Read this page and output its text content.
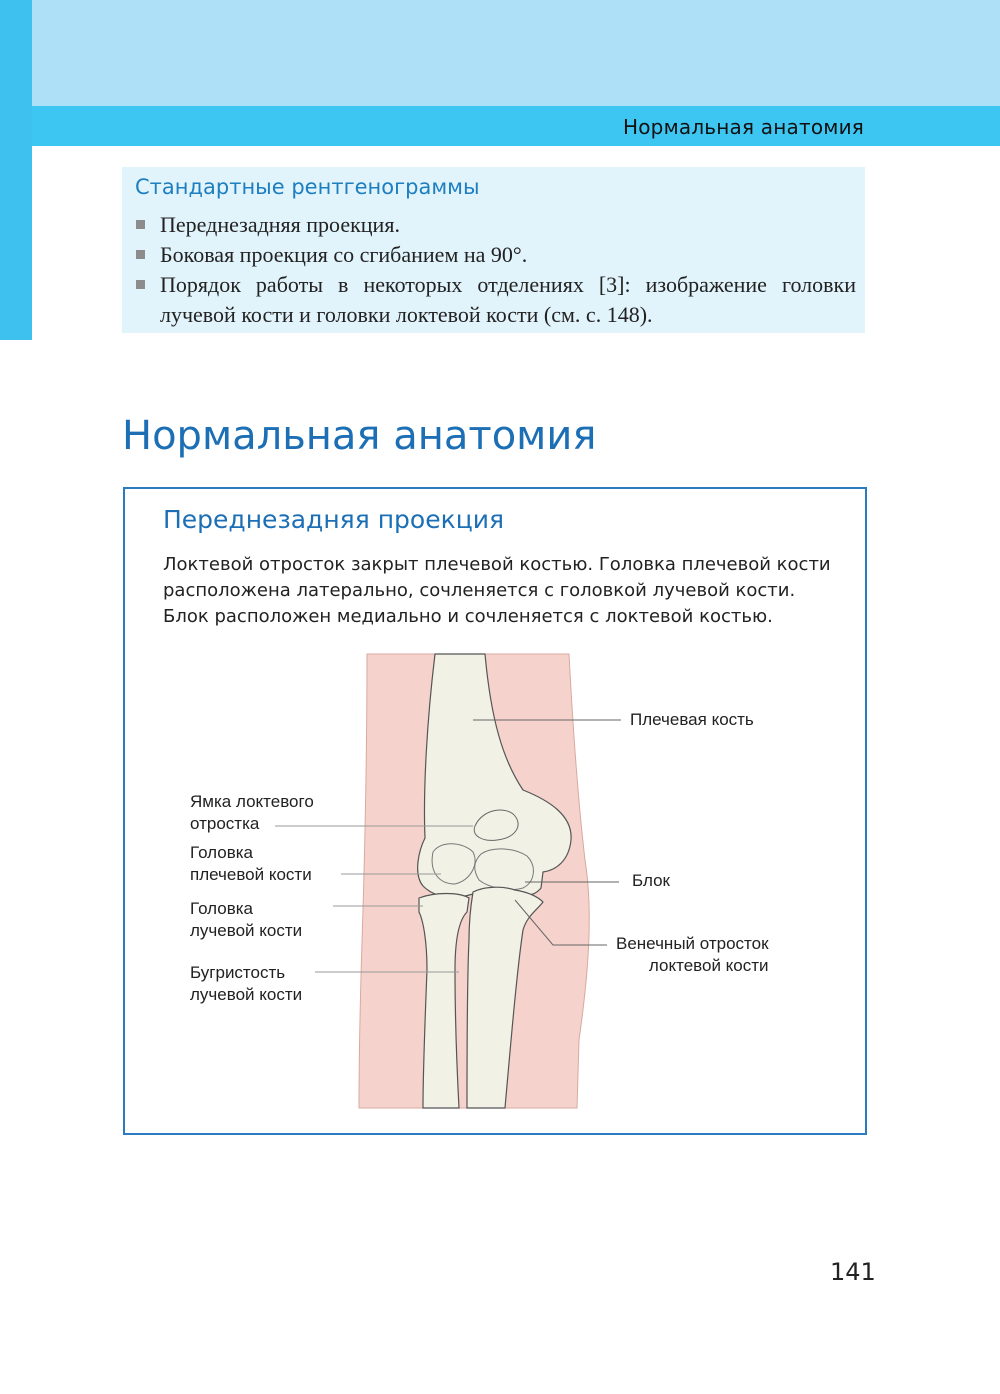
Нормальная анатомия
Стандартные рентгенограммы
Переднезадняя проекция.
Боковая проекция со сгибанием на 90°.
Порядок работы в некоторых отделениях [3]: изображение головки лучевой кости и головки локтевой кости (см. с. 148).
Нормальная анатомия
Переднезадняя проекция
Локтевой отросток закрыт плечевой костью. Головка плечевой кости
расположена латерально, сочленяется с головкой лучевой кости.
Блок расположен медиально и сочленяется с локтевой костью.
Плечевая кость
Ямка локтевого
отростка
Головка
плечевой кости
Головка
лучевой кости
Бугристость
лучевой кости
Блок
Венечный отросток
локтевой кости
141
